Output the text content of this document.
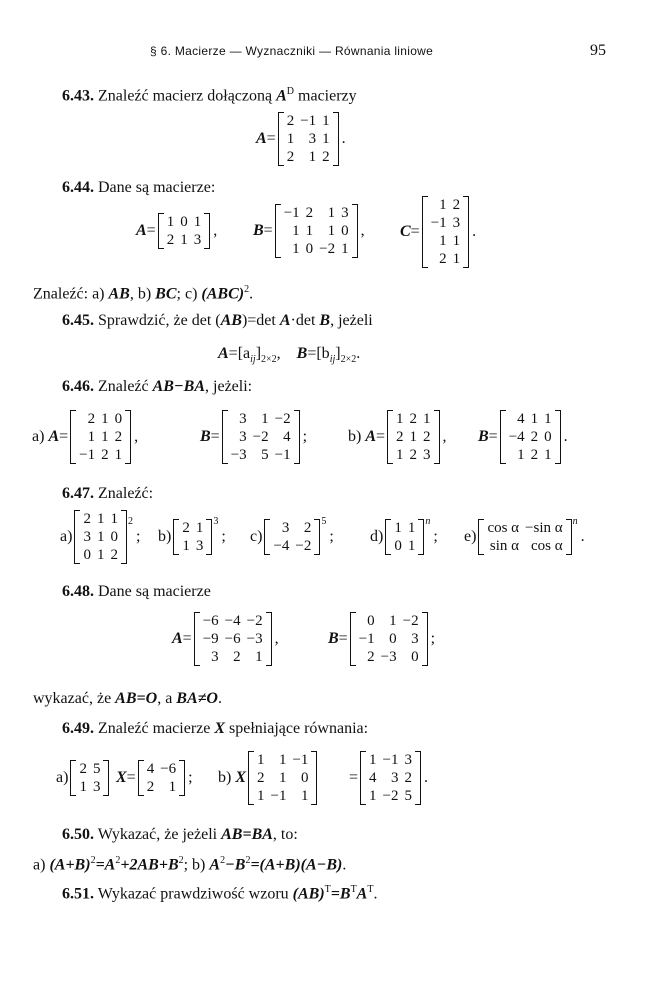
§ 6. Macierze — Wyznaczniki — Równania liniowe	95
6.43. Znaleźć macierz dołączoną $A^D$ macierzy
A=
2	−1	1
1	3	1
2	1	2
.
6.44. Dane są macierze:
A= 1	0	1
2	1	3
, B=
−1	2	1	3
1	1	1	0
1	0	−2	1
, C=
1	2
−1	3
1	1
2	1
.
Znaleźć: a) AB, b) BC; c) (ABC)$^2$.
6.45. Sprawdzić, że det (AB)=det A·det B, jeżeli
$A=[a_{ij}]_{2\times 2}$,    $B=[b_{ij}]_{2\times 2}$.
6.46. Znaleźć AB−BA, jeżeli:
a) A=
2	1	0
1	1	2
−1	2	1
,	B=
3	1	−2
3	−2	4
−3	5	−1
;	b) A=
1	2	1
2	1	2
1	2	3
, B=
4	1	1
−4	2	0
1	2	1
.
6.47. Znaleźć:
a)
2	1	1
3	1	0
0	1	2
2
; b) 2	1
1	3
3
; c) 3	2
−4	−2
5
; d) 1	1
0	1
n
; e) cos α	−sin α
sin α	cos α
n
.
6.48. Dane są macierze
A=
−6	−4	−2
−9	−6	−3
3	2	1
,	B=
0	1	−2
−1	0	3
2	−3	0
;
wykazać, że AB=O, a BA≠O.
6.49. Znaleźć macierze X spełniające równania:
a) 2	5
1	3
X= 4	−6
2	1
; b) X
1	1	−1
2	1	0
1	−1	1
=
1	−1	3
4	3	2
1	−2	5
.
6.50. Wykazać, że jeżeli AB=BA, to:
a) $(A+B)^2=A^2+2AB+B^2$; b) $A^2-B^2=(A+B)(A-B)$.
6.51. Wykazać prawdziwość wzoru $(AB)^T=B^TA^T$.
